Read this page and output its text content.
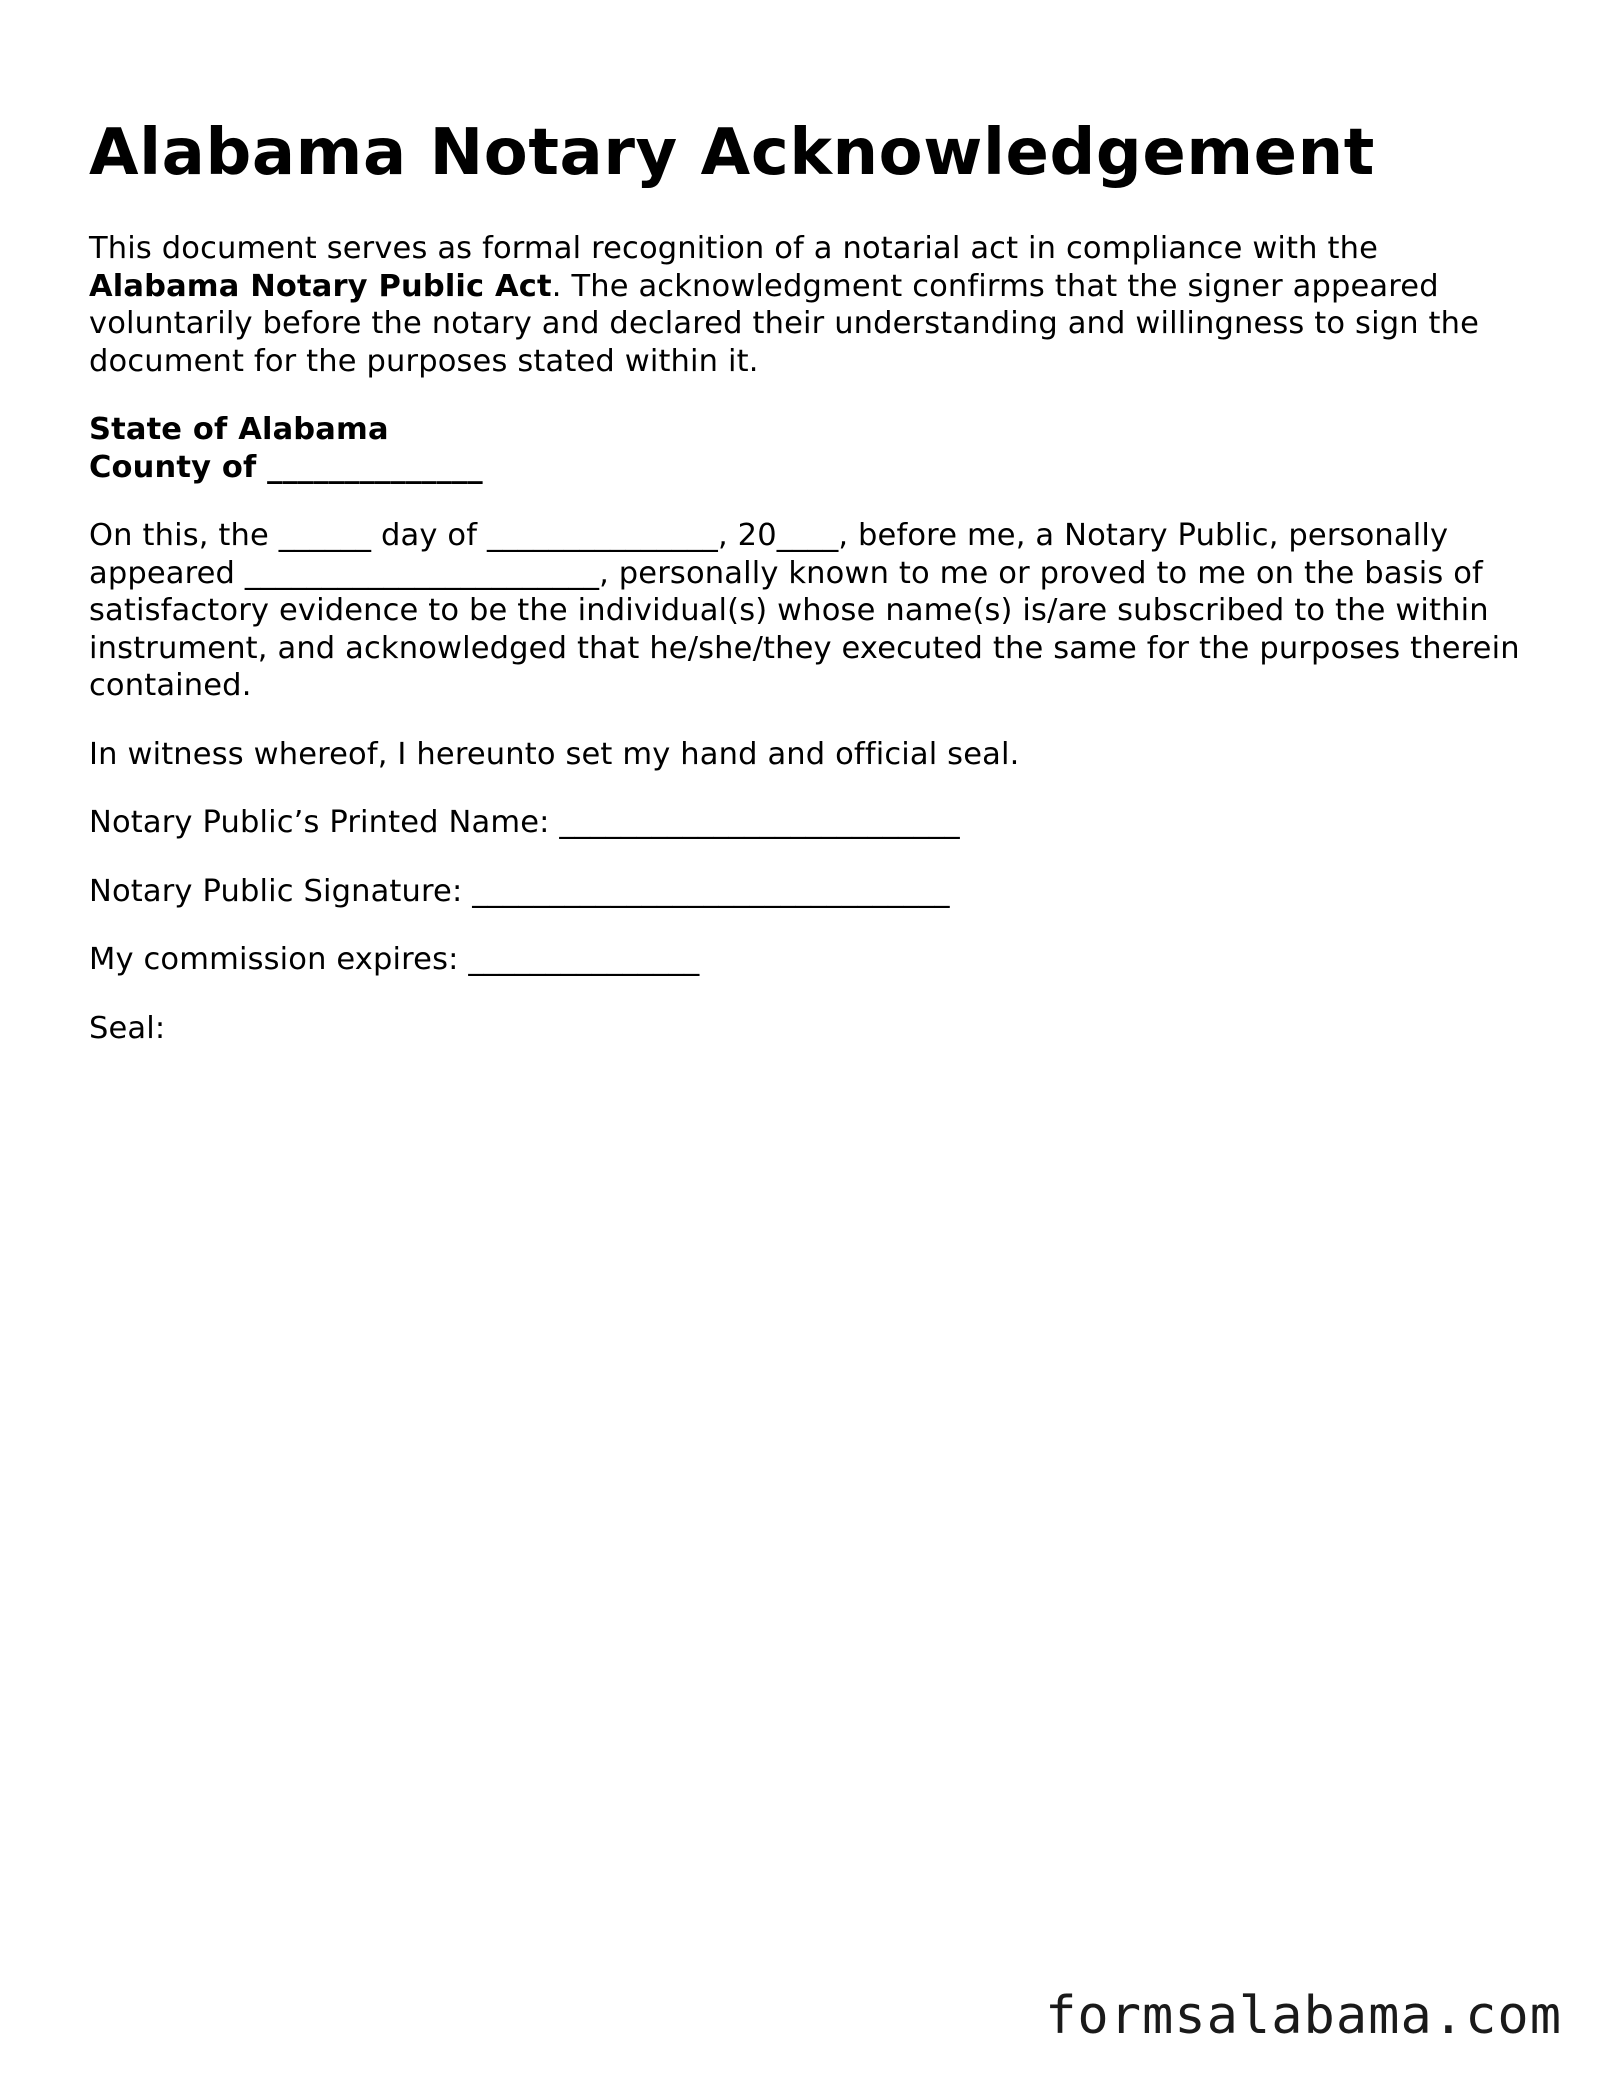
Alabama Notary Acknowledgement

This document serves as formal recognition of a notarial act in compliance with the Alabama Notary Public Act. The acknowledgment confirms that the signer appeared voluntarily before the notary and declared their understanding and willingness to sign the document for the purposes stated within it.

State of Alabama
County of ______________

On this, the ______ day of _______________, 20____, before me, a Notary Public, personally appeared _______________________, personally known to me or proved to me on the basis of satisfactory evidence to be the individual(s) whose name(s) is/are subscribed to the within instrument, and acknowledged that he/she/they executed the same for the purposes therein contained.

In witness whereof, I hereunto set my hand and official seal.

Notary Public’s Printed Name: __________________________

Notary Public Signature: _______________________________

My commission expires: _______________

Seal:

formsalabama.com
